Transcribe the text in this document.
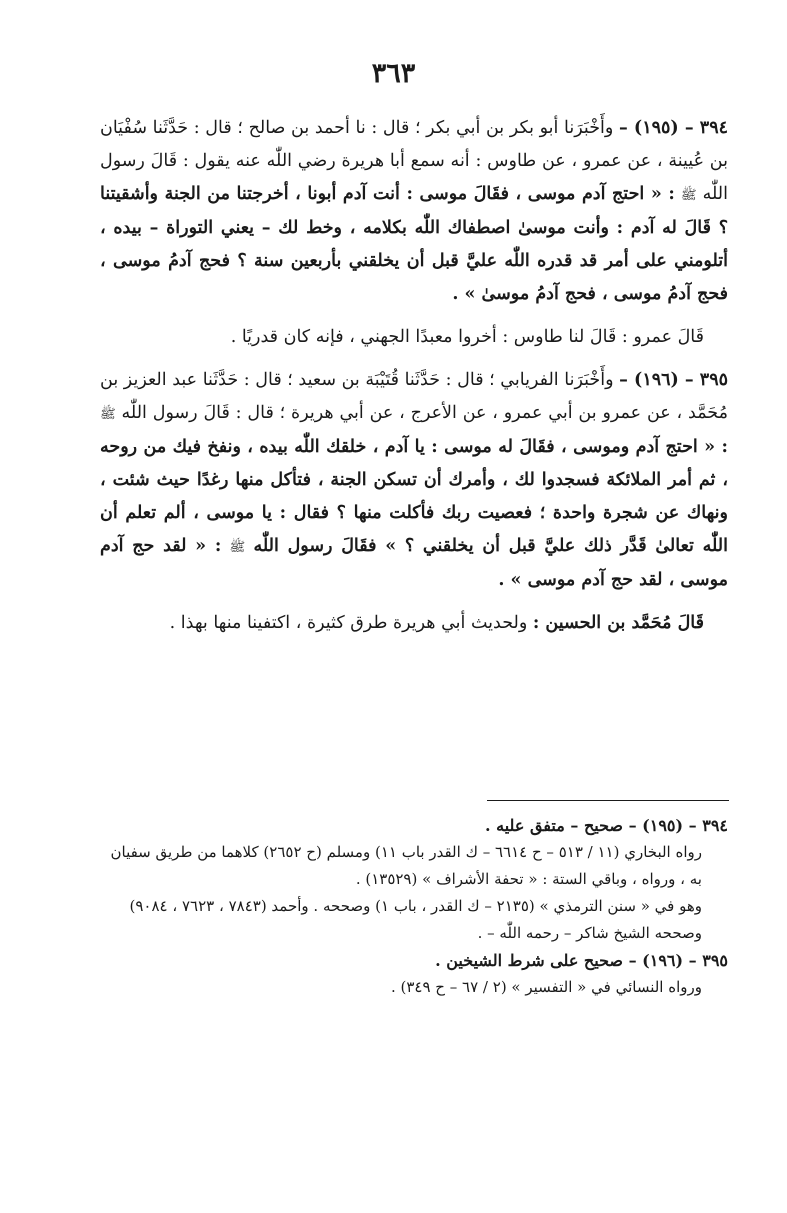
٣٦٣

٣٩٤ – (١٩٥) – وأَخْبَرَنا أبو بكر بن أبي بكر ؛ قال : نا أحمد بن صالح ؛ قال : حَدَّثَنا سُفْيَان بن عُيينة ، عن عمرو ، عن طاوس : أنه سمع أبا هريرة رضي اللّٰه عنه يقول : قَالَ رسول اللّٰه ﷺ : « احتج آدم موسى ، فقَالَ موسى : أنت آدم أبونا ، أخرجتنا من الجنة وأشقيتنا ؟ قَالَ له آدم : وأنت موسىٰ اصطفاك اللّٰه بكلامه ، وخط لك – يعني التوراة – بيده ، أتلومني على أمر قد قدره اللّٰه عليَّ قبل أن يخلقني بأربعين سنة ؟ فحج آدمُ موسى ، فحج آدمُ موسى ، فحج آدمُ موسىٰ » .

قَالَ عمرو : قَالَ لنا طاوس : أخروا معبدًا الجهني ، فإنه كان قدريًا .

٣٩٥ – (١٩٦) – وأَخْبَرَنا الفريابي ؛ قال : حَدَّثَنا قُتَيْبَة بن سعيد ؛ قال : حَدَّثَنا عبد العزيز بن مُحَمَّد ، عن عمرو بن أبي عمرو ، عن الأعرج ، عن أبي هريرة ؛ قال : قَالَ رسول اللّٰه ﷺ : « احتج آدم وموسى ، فقَالَ له موسى : يا آدم ، خلقك اللّٰه بيده ، ونفخ فيك من روحه ، ثم أمر الملائكة فسجدوا لك ، وأمرك أن تسكن الجنة ، فتأكل منها رغدًا حيث شئت ، ونهاك عن شجرة واحدة ؛ فعصيت ربك فأكلت منها ؟ فقال : يا موسى ، ألم تعلم أن اللّٰه تعالىٰ قَدَّر ذلك عليَّ قبل أن يخلقني ؟ » فقَالَ رسول اللّٰه ﷺ : « لقد حج آدم موسى ، لقد حج آدم موسى » .

قَالَ مُحَمَّد بن الحسين : ولحديث أبي هريرة طرق كثيرة ، اكتفينا منها بهذا .

٣٩٤ – (١٩٥) – صحيح – متفق عليه .

رواه البخاري (١١ / ٥١٣ – ح ٦٦١٤ – ك القدر باب ١١) ومسلم (ح ٢٦٥٢) كلاهما من طريق سفيان به ، ورواه ، وباقي الستة : « تحفة الأشراف » (١٣٥٢٩) .

وهو في « سنن الترمذي » (٢١٣٥ – ك القدر ، باب ١) وصححه . وأحمد (٧٨٤٣ ، ٧٦٢٣ ، ٩٠٨٤) وصححه الشيخ شاكر – رحمه اللّٰه – .

٣٩٥ – (١٩٦) – صحيح على شرط الشيخين .

ورواه النسائي في « التفسير » (٢ / ٦٧ – ح ٣٤٩) .
